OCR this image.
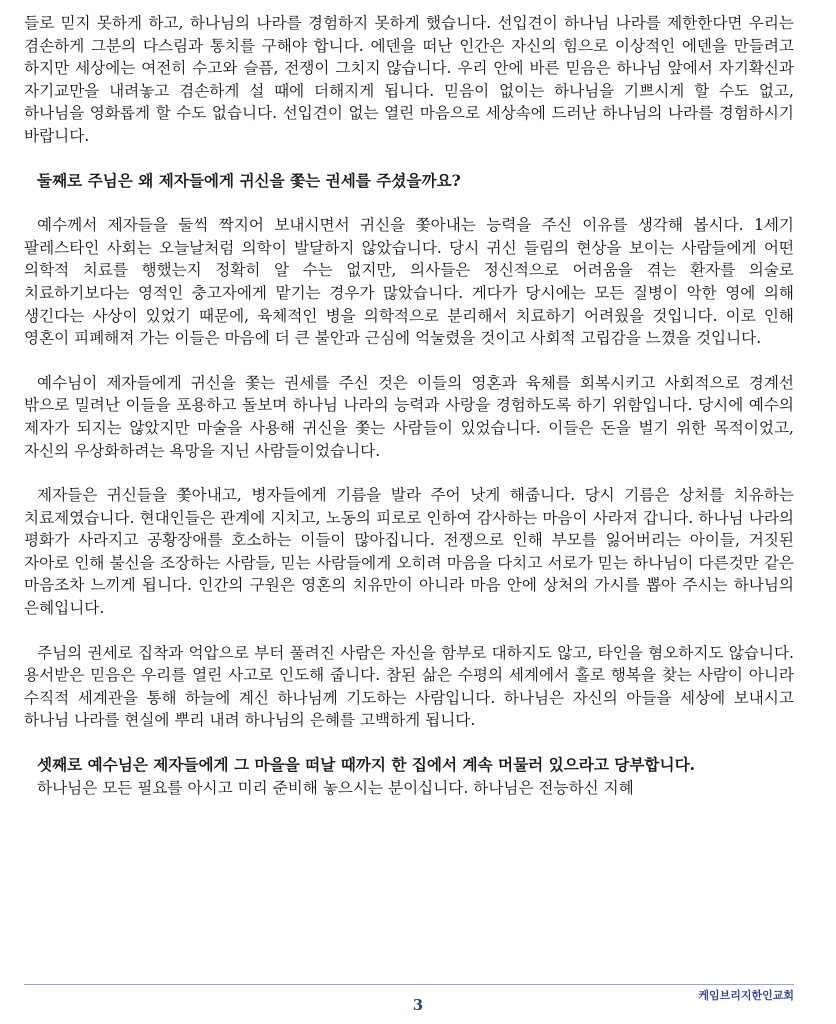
들로 믿지 못하게 하고, 하나님의 나라를 경험하지 못하게 했습니다. 선입견이 하나님 나라를 제한한다면 우리는 겸손하게 그분의 다스림과 통치를 구해야 합니다. 에덴을 떠난 인간은 자신의 힘으로 이상적인 에덴을 만들려고 하지만 세상에는 여전히 수고와 슬픔, 전쟁이 그치지 않습니다. 우리 안에 바른 믿음은 하나님 앞에서 자기확신과 자기교만을 내려놓고 겸손하게 설 때에 더해지게 됩니다. 믿음이 없이는 하나님을 기쁘시게 할 수도 없고, 하나님을 영화롭게 할 수도 없습니다. 선입견이 없는 열린 마음으로 세상속에 드러난 하나님의 나라를 경험하시기 바랍니다.

둘째로 주님은 왜 제자들에게 귀신을 쫓는 권세를 주셨을까요?

예수께서 제자들을 둘씩 짝지어 보내시면서 귀신을 쫓아내는 능력을 주신 이유를 생각해 봅시다. 1세기 팔레스타인 사회는 오늘날처럼 의학이 발달하지 않았습니다. 당시 귀신 들림의 현상을 보이는 사람들에게 어떤 의학적 치료를 행했는지 정확히 알 수는 없지만, 의사들은 정신적으로 어려움을 겪는 환자를 의술로 치료하기보다는 영적인 충고자에게 맡기는 경우가 많았습니다. 게다가 당시에는 모든 질병이 악한 영에 의해 생긴다는 사상이 있었기 때문에, 육체적인 병을 의학적으로 분리해서 치료하기 어려웠을 것입니다. 이로 인해 영혼이 피폐해져 가는 이들은 마음에 더 큰 불안과 근심에 억눌렸을 것이고 사회적 고립감을 느꼈을 것입니다.

예수님이 제자들에게 귀신을 쫓는 권세를 주신 것은 이들의 영혼과 육체를 회복시키고 사회적으로 경계선 밖으로 밀려난 이들을 포용하고 돌보며 하나님 나라의 능력과 사랑을 경험하도록 하기 위함입니다. 당시에 예수의 제자가 되지는 않았지만 마술을 사용해 귀신을 쫓는 사람들이 있었습니다. 이들은 돈을 벌기 위한 목적이었고, 자신의 우상화하려는 욕망을 지닌 사람들이었습니다.

제자들은 귀신들을 쫓아내고, 병자들에게 기름을 발라 주어 낫게 해줍니다. 당시 기름은 상처를 치유하는 치료제였습니다. 현대인들은 관계에 지치고, 노동의 피로로 인하여 감사하는 마음이 사라져 갑니다. 하나님 나라의 평화가 사라지고 공황장애를 호소하는 이들이 많아집니다. 전쟁으로 인해 부모를 잃어버리는 아이들, 거짓된 자아로 인해 불신을 조장하는 사람들, 믿는 사람들에게 오히려 마음을 다치고 서로가 믿는 하나님이 다른것만 같은 마음조차 느끼게 됩니다. 인간의 구원은 영혼의 치유만이 아니라 마음 안에 상처의 가시를 뽑아 주시는 하나님의 은혜입니다.

주님의 권세로 집착과 억압으로 부터 풀려진 사람은 자신을 함부로 대하지도 않고, 타인을 혐오하지도 않습니다. 용서받은 믿음은 우리를 열린 사고로 인도해 줍니다. 참된 삶은 수평의 세계에서 홀로 행복을 찾는 사람이 아니라 수직적 세계관을 통해 하늘에 계신 하나님께 기도하는 사람입니다. 하나님은 자신의 아들을 세상에 보내시고 하나님 나라를 현실에 뿌리 내려 하나님의 은혜를 고백하게 됩니다.

셋째로 예수님은 제자들에게 그 마을을 떠날 때까지 한 집에서 계속 머물러 있으라고 당부합니다.

하나님은 모든 필요를 아시고 미리 준비해 놓으시는 분이십니다. 하나님은 전능하신 지혜

3
케임브리지한인교회
